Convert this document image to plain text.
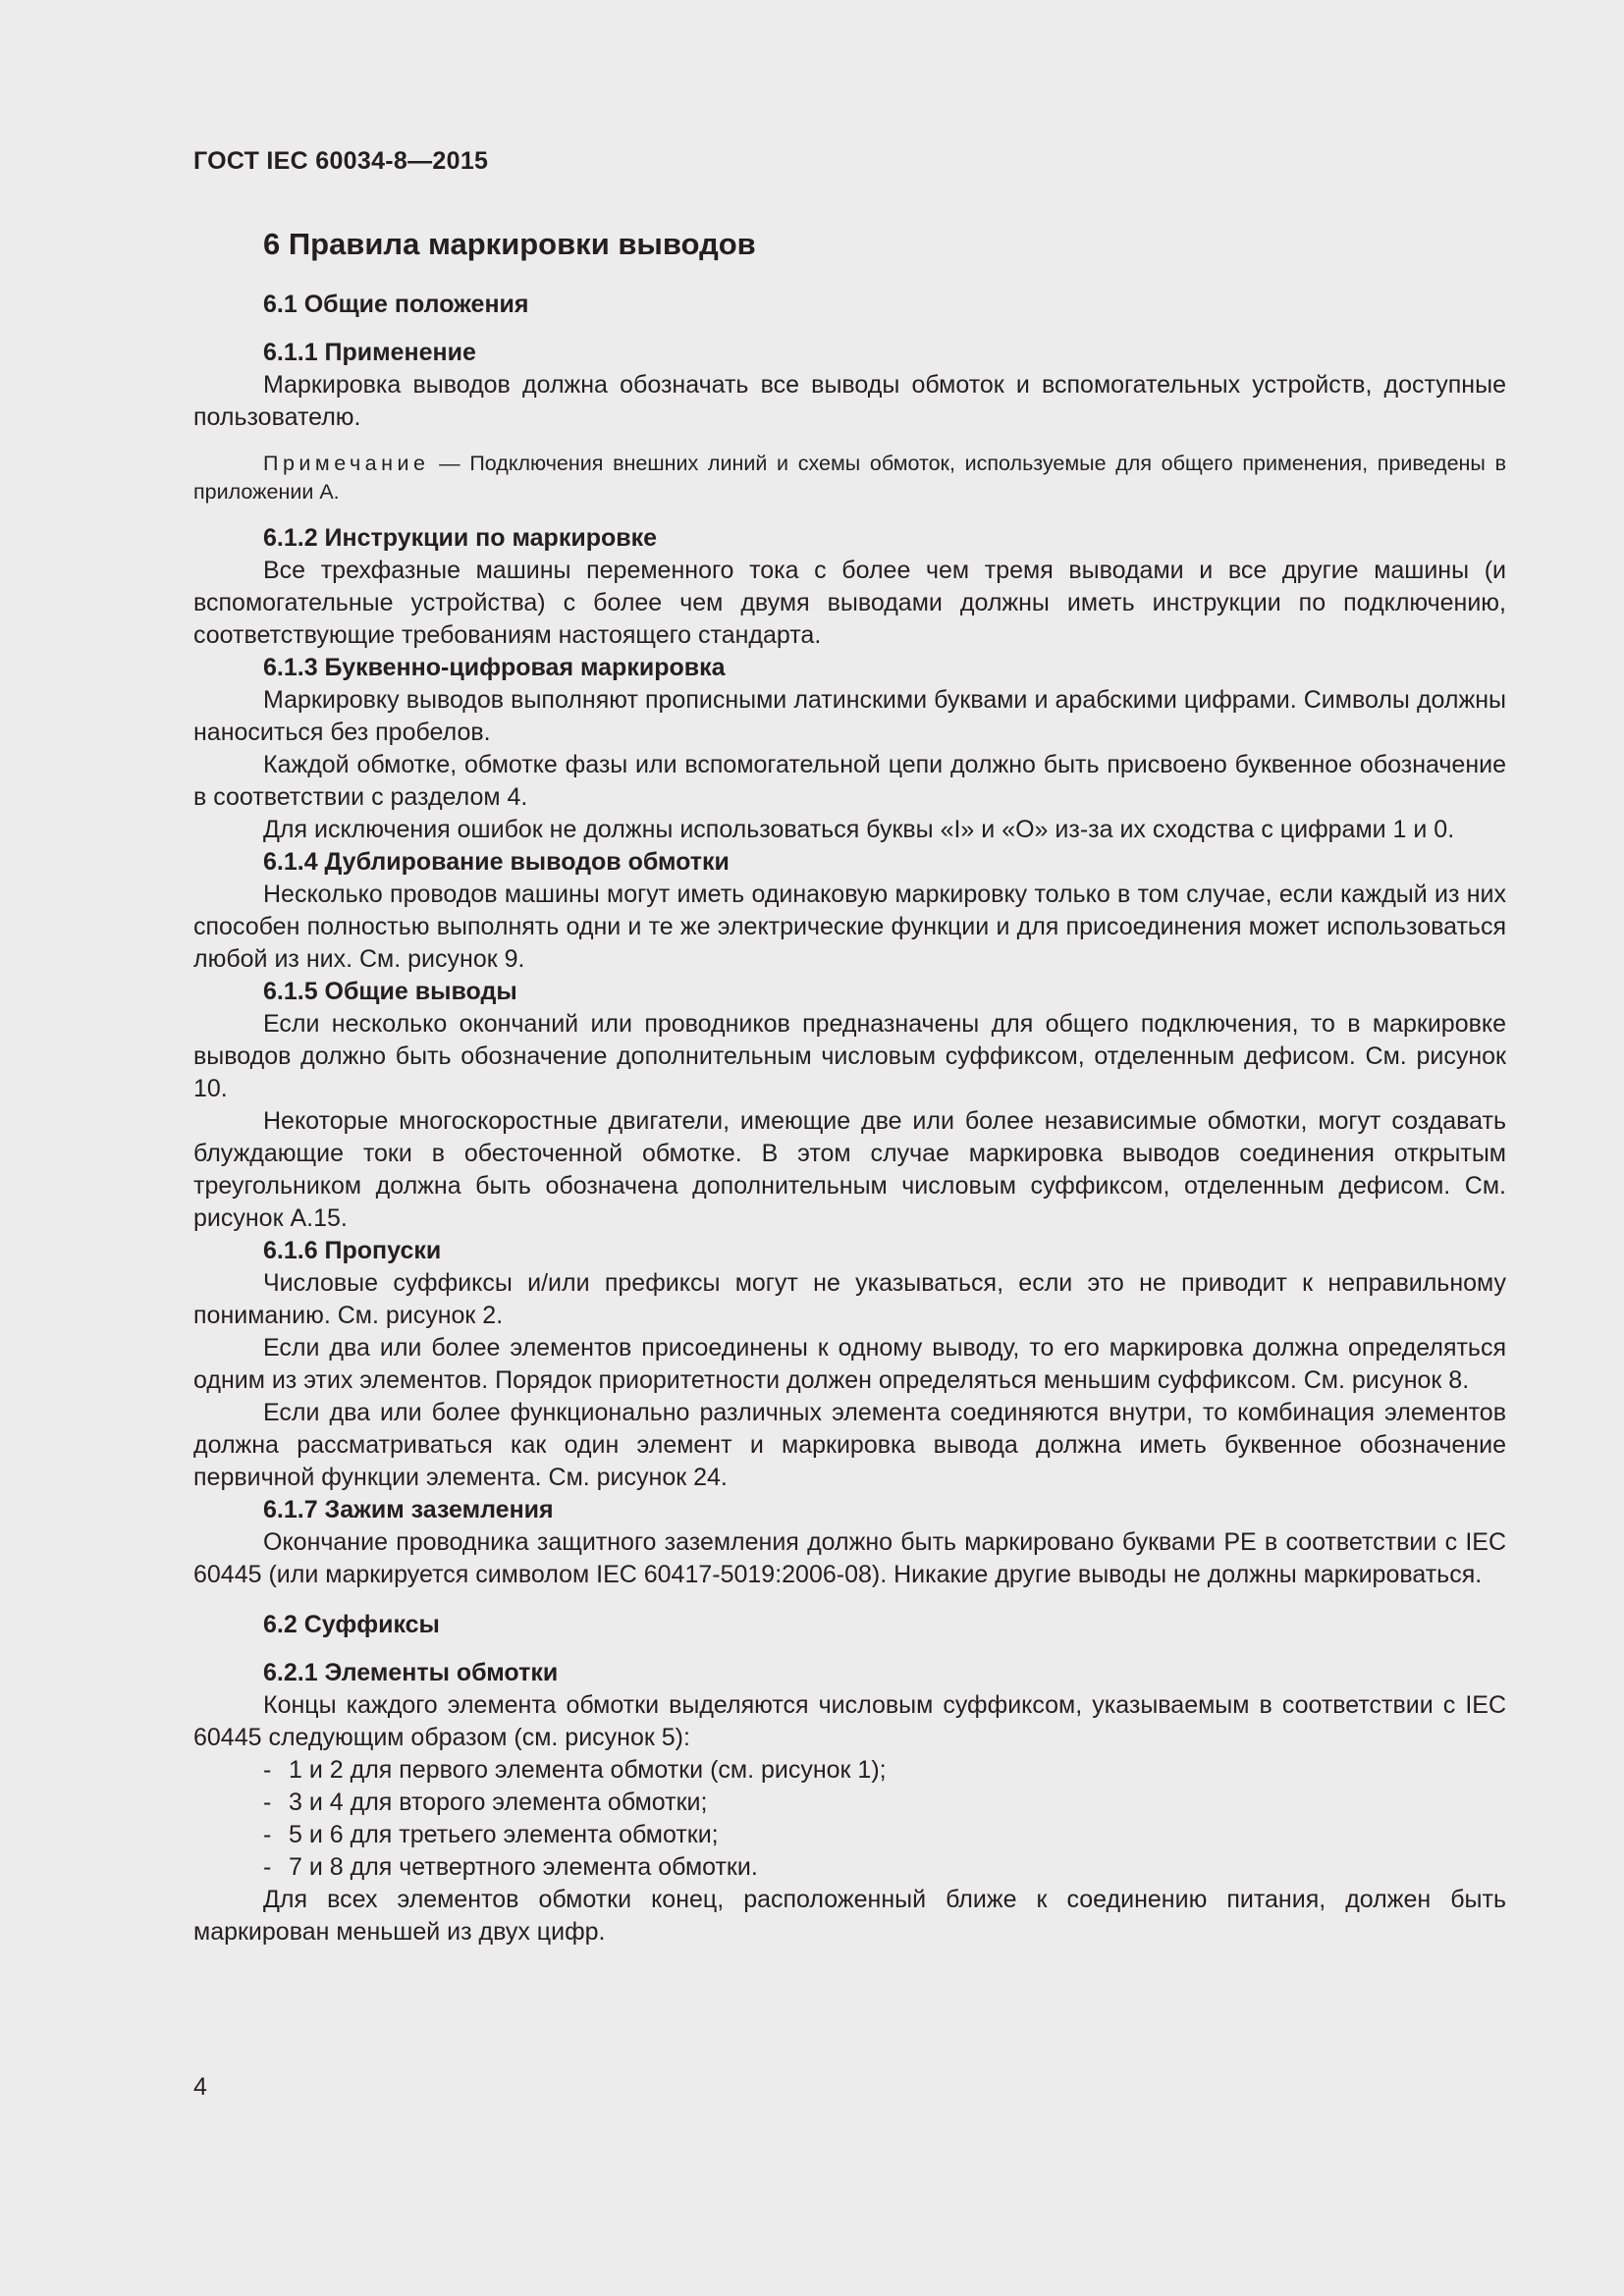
ГОСТ IEC 60034-8—2015
6 Правила маркировки выводов
6.1 Общие положения
6.1.1 Применение

Маркировка выводов должна обозначать все выводы обмоток и вспомогательных устройств, доступные пользователю.

Примечание — Подключения внешних линий и схемы обмоток, используемые для общего применения, приведены в приложении А.

6.1.2 Инструкции по маркировке

Все трехфазные машины переменного тока с более чем тремя выводами и все другие машины (и вспомогательные устройства) с более чем двумя выводами должны иметь инструкции по подключению, соответствующие требованиям настоящего стандарта.

6.1.3 Буквенно-цифровая маркировка

Маркировку выводов выполняют прописными латинскими буквами и арабскими цифрами. Символы должны наноситься без пробелов.

Каждой обмотке, обмотке фазы или вспомогательной цепи должно быть присвоено буквенное обозначение в соответствии с разделом 4.

Для исключения ошибок не должны использоваться буквы «I» и «O» из-за их сходства с цифрами 1 и 0.

6.1.4 Дублирование выводов обмотки

Несколько проводов машины могут иметь одинаковую маркировку только в том случае, если каждый из них способен полностью выполнять одни и те же электрические функции и для присоединения может использоваться любой из них. См. рисунок 9.

6.1.5 Общие выводы

Если несколько окончаний или проводников предназначены для общего подключения, то в маркировке выводов должно быть обозначение дополнительным числовым суффиксом, отделенным дефисом. См. рисунок 10.

Некоторые многоскоростные двигатели, имеющие две или более независимые обмотки, могут создавать блуждающие токи в обесточенной обмотке. В этом случае маркировка выводов соединения открытым треугольником должна быть обозначена дополнительным числовым суффиксом, отделенным дефисом. См. рисунок А.15.

6.1.6 Пропуски

Числовые суффиксы и/или префиксы могут не указываться, если это не приводит к неправильному пониманию. См. рисунок 2.

Если два или более элементов присоединены к одному выводу, то его маркировка должна определяться одним из этих элементов. Порядок приоритетности должен определяться меньшим суффиксом. См. рисунок 8.

Если два или более функционально различных элемента соединяются внутри, то комбинация элементов должна рассматриваться как один элемент и маркировка вывода должна иметь буквенное обозначение первичной функции элемента. См. рисунок 24.

6.1.7 Зажим заземления

Окончание проводника защитного заземления должно быть маркировано буквами PE в соответствии с IEC 60445 (или маркируется символом IEC 60417-5019:2006-08). Никакие другие выводы не должны маркироваться.

6.2 Суффиксы
6.2.1 Элементы обмотки

Концы каждого элемента обмотки выделяются числовым суффиксом, указываемым в соответствии с IEC 60445 следующим образом (см. рисунок 5):

- 1 и 2 для первого элемента обмотки (см. рисунок 1);
- 3 и 4 для второго элемента обмотки;
- 5 и 6 для третьего элемента обмотки;
- 7 и 8 для четвертного элемента обмотки.

Для всех элементов обмотки конец, расположенный ближе к соединению питания, должен быть маркирован меньшей из двух цифр.

4
